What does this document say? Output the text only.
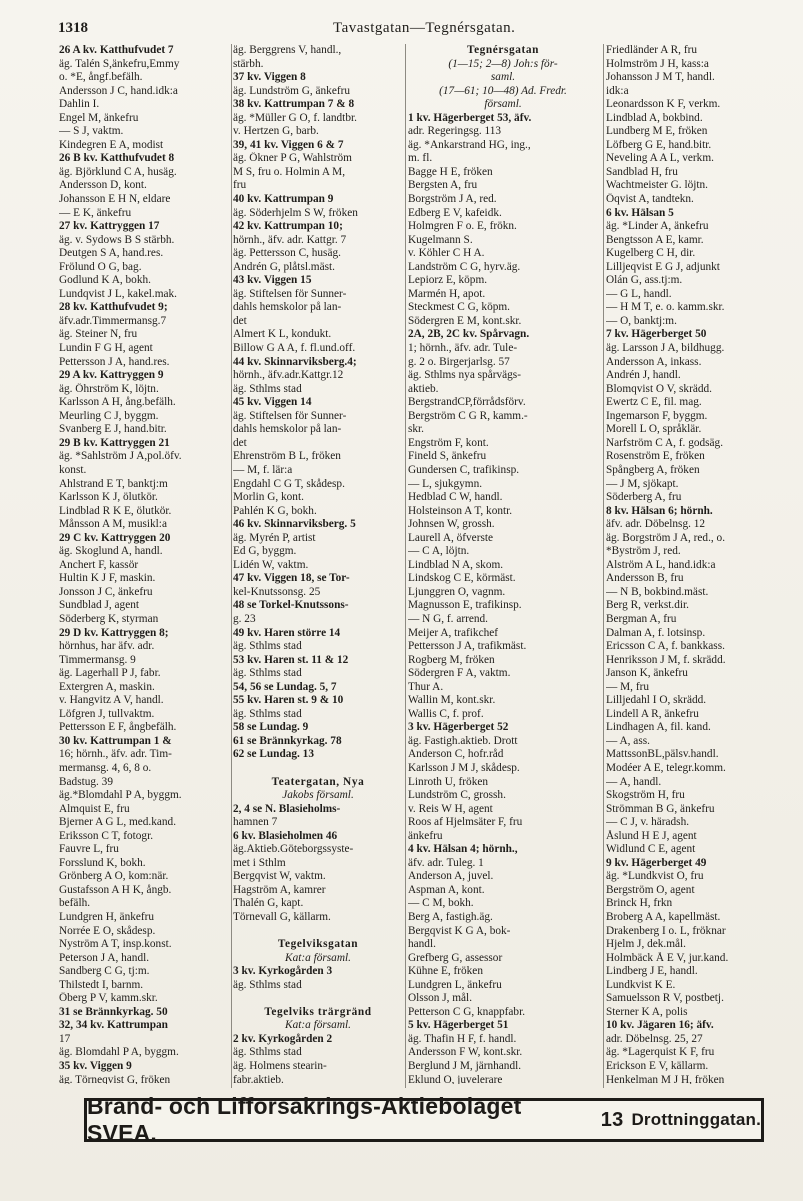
1318	Tavastgatan—Tegnérsgatan.
26 A kv. Katthufvudet 7
äg. Talén S,änkefru,Emmy
o. *E, ångf.befälh.
Andersson J C, hand.idk:a
Dahlin I.
Engel M, änkefru
— S J, vaktm.
Kindegren E A, modist
26 B kv. Katthufvudet 8
äg. Björklund C A, husäg.
Andersson D, kont.
Johansson E H N, eldare
— E K, änkefru
27 kv. Kattryggen 17
äg. v. Sydows B S stärbh.
Deutgen S A, hand.res.
Frölund O G, bag.
Godlund K A, bokh.
Lundqvist J L, kakel.mak.
28 kv. Katthufvudet 9;
äfv.adr.Timmermansg.7
äg. Steiner N, fru
Lundin F G H, agent
Pettersson J A, hand.res.
29 A kv. Kattryggen 9
äg. Öhrström K, löjtn.
Karlsson A H, ång.befälh.
Meurling C J, byggm.
Svanberg E J, hand.bitr.
29 B kv. Kattryggen 21
äg. *Sahlström J A,pol.öfv.
konst.
Ahlstrand E T, banktj:m
Karlsson K J, ölutkör.
Lindblad R K E, ölutkör.
Månsson A M, musikl:a
29 C kv. Kattryggen 20
äg. Skoglund A, handl.
Anchert F, kassör
Hultin K J F, maskin.
Jonsson J C, änkefru
Sundblad J, agent
Söderberg K, styrman
29 D kv. Kattryggen 8;
hörnhus, har äfv. adr.
Timmermansg. 9
äg. Lagerhall P J, fabr.
Extergren A, maskin.
v. Hangvitz A V, handl.
Löfgren J, tullvaktm.
Pettersson E F, ångbefälh.
30 kv. Kattrumpan 1 &
16; hörnh., äfv. adr. Tim-
mermansg. 4, 6, 8 o.
Badstug. 39
äg.*Blomdahl P A, byggm.
Almquist E, fru
Bjerner A G L, med.kand.
Eriksson C T, fotogr.
Fauvre L, fru
Forsslund K, bokh.
Grönberg A O, kom:när.
Gustafsson A H K, ångb.
befälh.
Lundgren H, änkefru
Norrée E O, skådesp.
Nyström A T, insp.konst.
Peterson J A, handl.
Sandberg C G, tj:m.
Thilstedt I, barnm.
Öberg P V, kamm.skr.
31 se Brännkyrkag. 50
32, 34 kv. Kattrumpan
17
äg. Blomdahl P A, byggm.
35 kv. Viggen 9
äg. Törneqvist G, fröken
äg. Berggrens V, handl.,
stärbh.
37 kv. Viggen 8
äg. Lundström G, änkefru
38 kv. Kattrumpan 7 & 8
äg. *Müller G O, f. landtbr.
v. Hertzen G, barb.
39, 41 kv. Viggen 6 & 7
äg. Ökner P G, Wahlström
M S, fru o. Holmin A M,
fru
40 kv. Kattrumpan 9
äg. Söderhjelm S W, fröken
42 kv. Kattrumpan 10;
hörnh., äfv. adr. Kattgr. 7
äg. Pettersson C, husäg.
Andrén G, plåtsl.mäst.
43 kv. Viggen 15
äg. Stiftelsen för Sunner-
dahls hemskolor på lan-
det
Almert K L, kondukt.
Billow G A A, f. fl.und.off.
44 kv. Skinnarviksberg.4;
hörnh., äfv.adr.Kattgr.12
äg. Sthlms stad
45 kv. Viggen 14
äg. Stiftelsen för Sunner-
dahls hemskolor på lan-
det
Ehrenström B L, fröken
— M, f. lär:a
Engdahl C G T, skådesp.
Morlin G, kont.
Pahlén K G, bokh.
46 kv. Skinnarviksberg. 5
äg. Myrén P, artist
Ed G, byggm.
Lidén W, vaktm.
47 kv. Viggen 18, se Tor-
kel-Knutssonsg. 25
48 se Torkel-Knutssons-
g. 23
49 kv. Haren större 14
äg. Sthlms stad
53 kv. Haren st. 11 & 12
äg. Sthlms stad
54, 56 se Lundag. 5, 7
55 kv. Haren st. 9 & 10
äg. Sthlms stad
58 se Lundag. 9
61 se Brännkyrkag. 78
62 se Lundag. 13

Teatergatan, Nya
Jakobs församl.
2, 4 se N. Blasieholms-
hamnen 7
6 kv. Blasieholmen 46
äg.Aktieb.Göteborgssyste-
met i Sthlm
Bergqvist W, vaktm.
Hagström A, kamrer
Thalén G, kapt.
Törnevall G, källarm.

Tegelviksgatan
Kat:a församl.
3 kv. Kyrkogården 3
äg. Sthlms stad

Tegelviks trärgränd
Kat:a församl.
2 kv. Kyrkogården 2
äg. Sthlms stad
äg. Holmens stearin-
fabr.aktieb.
Tegnérsgatan
(1—15; 2—8) Joh:s för-
saml.
(17—61; 10—48) Ad. Fredr.
församl.
1 kv. Hägerberget 53, äfv.
adr. Regeringsg. 113
äg. *Ankarstrand HG, ing.,
m. fl.
Bagge H E, fröken
Bergsten A, fru
Borgström J A, red.
Edberg E V, kafeidk.
Holmgren F o. E, frökn.
Kugelmann S.
v. Köhler C H A.
Landström C G, hyrv.äg.
Lepiorz E, köpm.
Marmén H, apot.
Steckmest C G, köpm.
Södergren E M, kont.skr.
2A, 2B, 2C kv. Spårvagn.
1; hörnh., äfv. adr. Tule-
g. 2 o. Birgerjarlsg. 57
äg. Sthlms nya spårvägs-
aktieb.
BergstrandCP,förrådsförv.
Bergström C G R, kamm.-
skr.
Engström F, kont.
Fineld S, änkefru
Gundersen C, trafikinsp.
— L, sjukgymn.
Hedblad C W, handl.
Holsteinson A T, kontr.
Johnsen W, grossh.
Laurell A, öfverste
— C A, löjtn.
Lindblad N A, skom.
Lindskog C E, körmäst.
Ljunggren O, vagnm.
Magnusson E, trafikinsp.
— N G, f. arrend.
Meijer A, trafikchef
Pettersson J A, trafikmäst.
Rogberg M, fröken
Södergren F A, vaktm.
Thur A.
Wallin M, kont.skr.
Wallis C, f. prof.
3 kv. Hägerberget 52
äg. Fastigh.aktieb. Drott
Anderson C, hofr.råd
Karlsson J M J, skådesp.
Linroth U, fröken
Lundström C, grossh.
v. Reis W H, agent
Roos af Hjelmsäter F, fru
änkefru
4 kv. Hälsan 4; hörnh.,
äfv. adr. Tuleg. 1
Anderson A, juvel.
Aspman A, kont.
— C M, bokh.
Berg A, fastigh.äg.
Bergqvist K G A, bok-
handl.
Grefberg G, assessor
Kühne E, fröken
Lundgren L, änkefru
Olsson J, mål.
Petterson C G, knappfabr.
5 kv. Hägerberget 51
äg. Thafin H F, f. handl.
Andersson F W, kont.skr.
Berglund J M, järnhandl.
Eklund O, juvelerare
Friedländer A R, fru
Holmström J H, kass:a
Johansson J M T, handl.
idk:a
Leonardsson K F, verkm.
Lindblad A, bokbind.
Lundberg M E, fröken
Löfberg G E, hand.bitr.
Neveling A A L, verkm.
Sandblad H, fru
Wachtmeister G. löjtn.
Öqvist A, tandtekn.
6 kv. Hälsan 5
äg. *Linder A, änkefru
Bengtsson A E, kamr.
Kugelberg C H, dir.
Lilljeqvist E G J, adjunkt
Olán G, ass.tj:m.
— G L, handl.
— H M T, e. o. kamm.skr.
— O, banktj:m.
7 kv. Hägerberget 50
äg. Larsson J A, bildhugg.
Andersson A, inkass.
Andrén J, handl.
Blomqvist O V, skrädd.
Ewertz C E, fil. mag.
Ingemarson F, byggm.
Morell L O, språklär.
Narfström C A, f. godsäg.
Rosenström E, fröken
Spångberg A, fröken
— J M, sjökapt.
Söderberg A, fru
8 kv. Hälsan 6; hörnh.
äfv. adr. Döbelnsg. 12
äg. Borgström J A, red., o.
*Byström J, red.
Alström A L, hand.idk:a
Andersson B, fru
— N B, bokbind.mäst.
Berg R, verkst.dir.
Bergman A, fru
Dalman A, f. lotsinsp.
Ericsson C A, f. bankkass.
Henriksson J M, f. skrädd.
Janson K, änkefru
— M, fru
Lilljedahl I O, skrädd.
Lindell A R, änkefru
Lindhagen A, fil. kand.
— A, ass.
MattssonBL,pälsv.handl.
Modéer A E, telegr.komm.
— A, handl.
Skogström H, fru
Strömman B G, änkefru
— C J, v. häradsh.
Åslund H E J, agent
Widlund C E, agent
9 kv. Hägerberget 49
äg. *Lundkvist O, fru
Bergström O, agent
Brinck H, frkn
Broberg A A, kapellmäst.
Drakenberg I o. L, fröknar
Hjelm J, dek.mål.
Holmbäck Å E V, jur.kand.
Lindberg J E, handl.
Lundkvist K E.
Samuelsson R V, postbetj.
Sterner K A, polis
10 kv. Jägaren 16; äfv.
adr. Döbelnsg. 25, 27
äg. *Lagerquist K F, fru
Erickson E V, källarm.
Henkelman M J H, fröken
Brand- och Lifförsäkrings-Aktiebolaget SVEA.
13 Drottninggatan.
